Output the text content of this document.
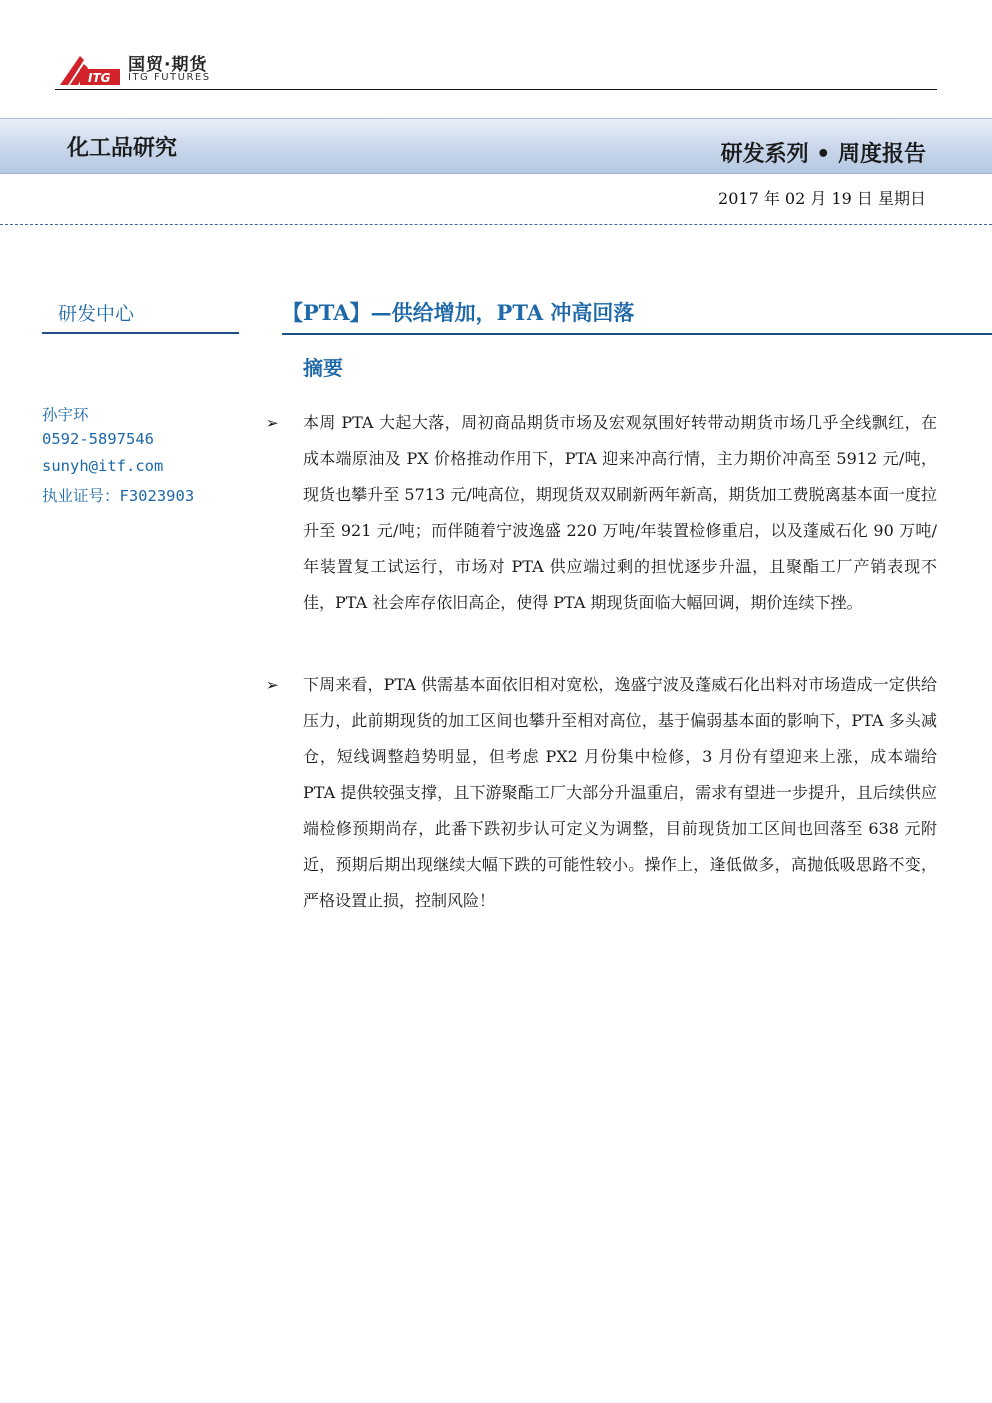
ITG
国贸·期货
ITG FUTURES
化工品研究	研发系列 • 周度报告
2017 年 02 月 19 日 星期日
研发中心
孙宇环
0592-5897546
sunyh@itf.com
执业证号：F3023903
【PTA】—供给增加，PTA 冲高回落
摘要
➢ 本周 PTA 大起大落，周初商品期货市场及宏观氛围好转带动期货市场几乎全线飘红，在成本端原油及 PX 价格推动作用下，PTA 迎来冲高行情，主力期价冲高至 5912 元/吨，现货也攀升至 5713 元/吨高位，期现货双双刷新两年新高，期货加工费脱离基本面一度拉升至 921 元/吨；而伴随着宁波逸盛 220 万吨/年装置检修重启，以及蓬威石化 90 万吨/年装置复工试运行，市场对 PTA 供应端过剩的担忧逐步升温，且聚酯工厂产销表现不佳，PTA 社会库存依旧高企，使得 PTA 期现货面临大幅回调，期价连续下挫。
➢ 下周来看，PTA 供需基本面依旧相对宽松，逸盛宁波及蓬威石化出料对市场造成一定供给压力，此前期现货的加工区间也攀升至相对高位，基于偏弱基本面的影响下，PTA 多头减仓，短线调整趋势明显，但考虑 PX2 月份集中检修，3 月份有望迎来上涨，成本端给 PTA 提供较强支撑，且下游聚酯工厂大部分升温重启，需求有望进一步提升，且后续供应端检修预期尚存，此番下跌初步认可定义为调整，目前现货加工区间也回落至 638 元附近，预期后期出现继续大幅下跌的可能性较小。操作上，逢低做多，高抛低吸思路不变，严格设置止损，控制风险！
